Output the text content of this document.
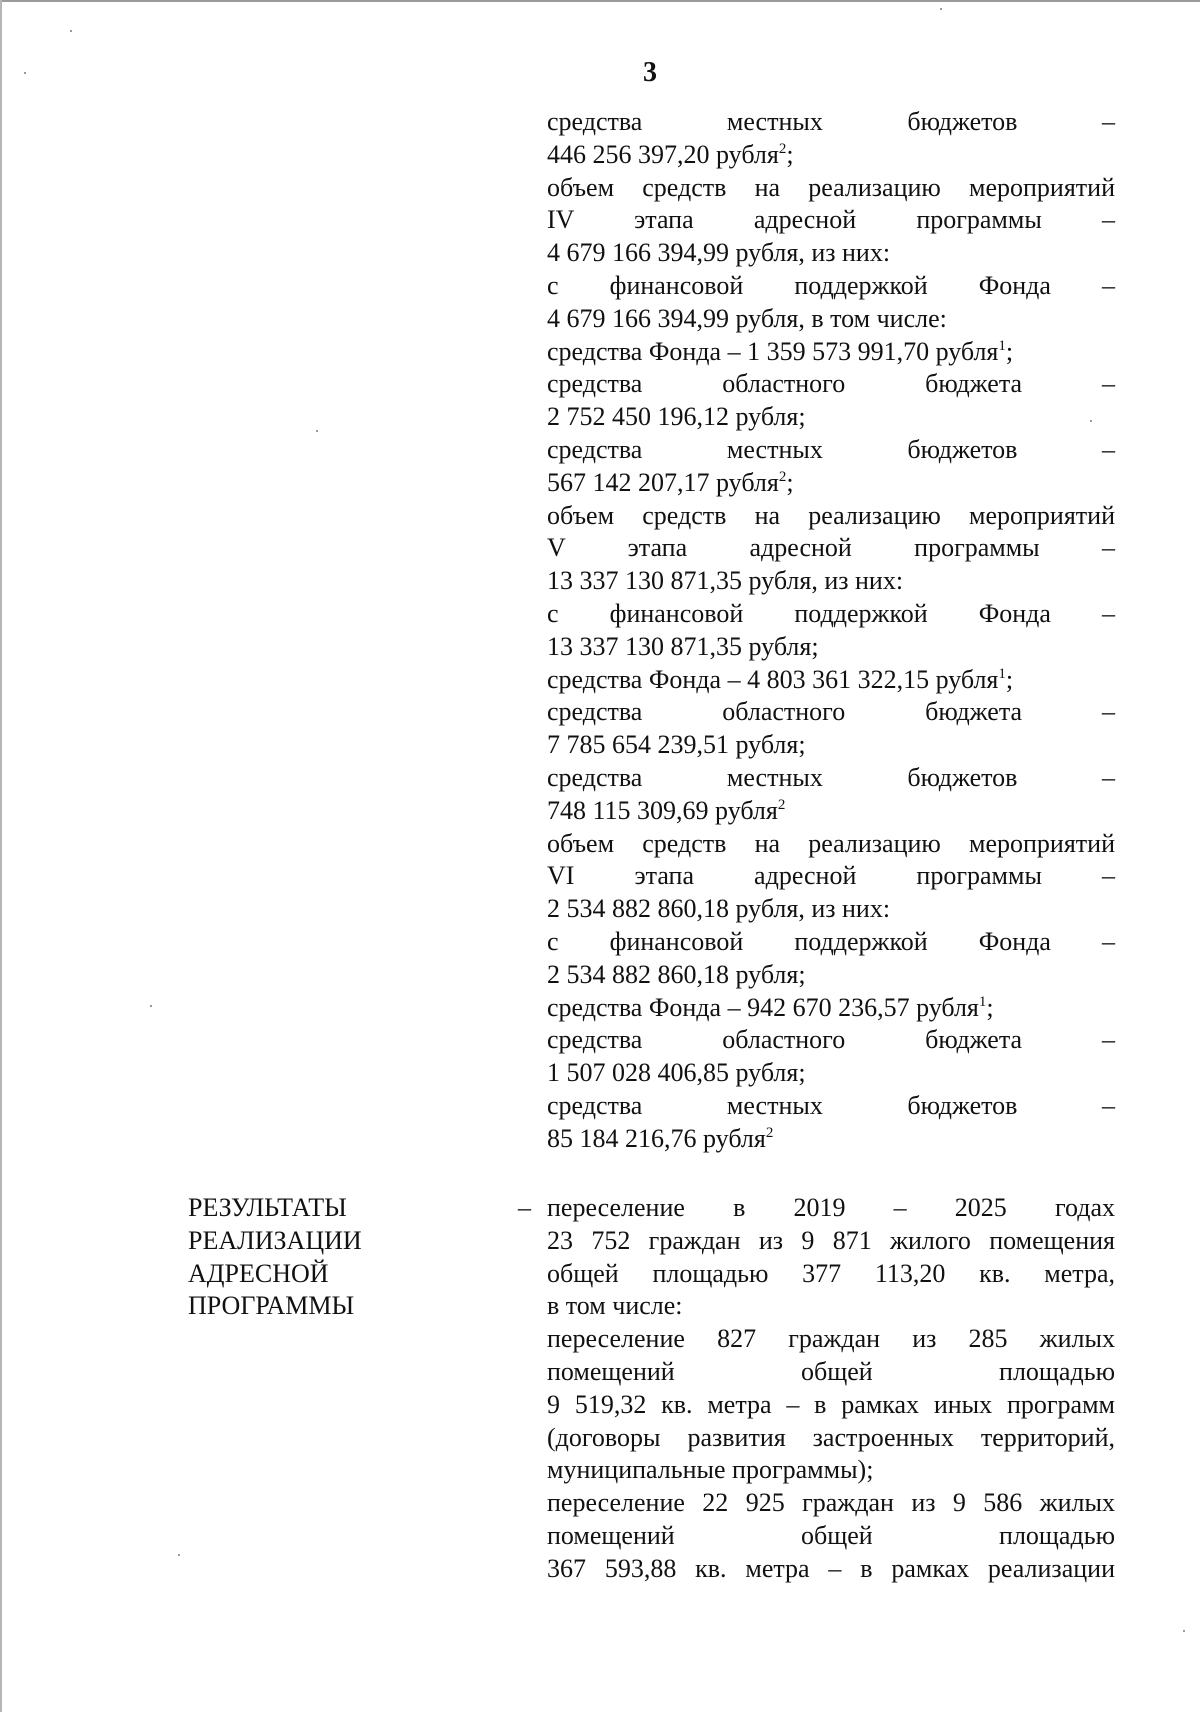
3
средства местных бюджетов –
446 256 397,20 рубля$^2$;
объем средств на реализацию мероприятий
IV этапа адресной программы –
4 679 166 394,99 рубля, из них:
с финансовой поддержкой Фонда –
4 679 166 394,99 рубля, в том числе:
средства Фонда – 1 359 573 991,70 рубля$^1$;
средства областного бюджета –
2 752 450 196,12 рубля;
средства местных бюджетов –
567 142 207,17 рубля$^2$;
объем средств на реализацию мероприятий
V этапа адресной программы –
13 337 130 871,35 рубля, из них:
с финансовой поддержкой Фонда –
13 337 130 871,35 рубля;
средства Фонда – 4 803 361 322,15 рубля$^1$;
средства областного бюджета –
7 785 654 239,51 рубля;
средства местных бюджетов –
748 115 309,69 рубля$^2$
объем средств на реализацию мероприятий
VI этапа адресной программы –
2 534 882 860,18 рубля, из них:
с финансовой поддержкой Фонда –
2 534 882 860,18 рубля;
средства Фонда – 942 670 236,57 рубля$^1$;
средства областного бюджета –
1 507 028 406,85 рубля;
средства местных бюджетов –
85 184 216,76 рубля$^2$
РЕЗУЛЬТАТЫ
РЕАЛИЗАЦИИ
АДРЕСНОЙ
ПРОГРАММЫ
– переселение в 2019 – 2025 годах
23 752 граждан из 9 871 жилого помещения
общей площадью 377 113,20 кв. метра,
в том числе:
переселение 827 граждан из 285 жилых
помещений общей площадью
9 519,32 кв. метра – в рамках иных программ
(договоры развития застроенных территорий,
муниципальные программы);
переселение 22 925 граждан из 9 586 жилых
помещений общей площадью
367 593,88 кв. метра – в рамках реализации
